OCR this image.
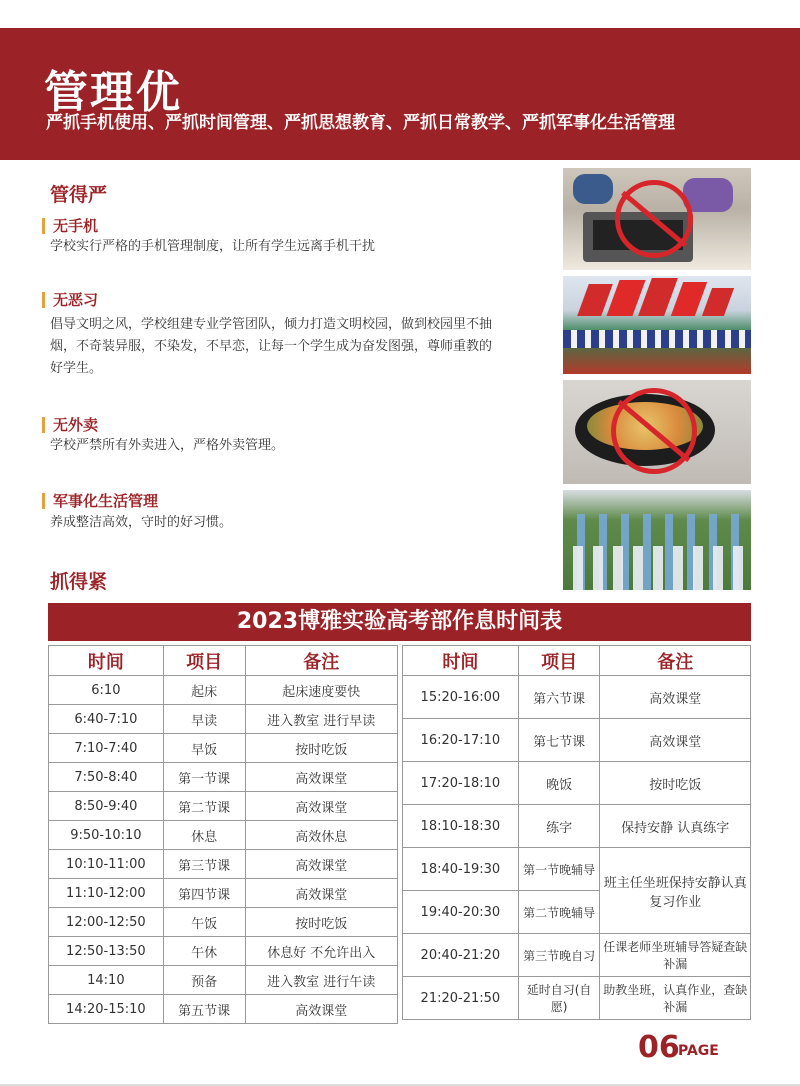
管理优
严抓手机使用、严抓时间管理、严抓思想教育、严抓日常教学、严抓军事化生活管理
管得严
无手机
学校实行严格的手机管理制度，让所有学生远离手机干扰
无恶习
倡导文明之风，学校组建专业学管团队，倾力打造文明校园，做到校园里不抽烟，不奇装异服，不染发，不早恋，让每一个学生成为奋发图强，尊师重教的好学生。
无外卖
学校严禁所有外卖进入，严格外卖管理。
军事化生活管理
养成整洁高效，守时的好习惯。
抓得紧
2023博雅实验高考部作息时间表
时间	项目	备注
6:10	起床	起床速度要快
6:40-7:10	早读	进入教室 进行早读
7:10-7:40	早饭	按时吃饭
7:50-8:40	第一节课	高效课堂
8:50-9:40	第二节课	高效课堂
9:50-10:10	休息	高效休息
10:10-11:00	第三节课	高效课堂
11:10-12:00	第四节课	高效课堂
12:00-12:50	午饭	按时吃饭
12:50-13:50	午休	休息好 不允许出入
14:10	预备	进入教室 进行午读
14:20-15:10	第五节课	高效课堂
时间	项目	备注
15:20-16:00	第六节课	高效课堂
16:20-17:10	第七节课	高效课堂
17:20-18:10	晚饭	按时吃饭
18:10-18:30	练字	保持安静 认真练字
18:40-19:30	第一节晚辅导	班主任坐班保持安静认真复习作业
19:40-20:30	第二节晚辅导	
20:40-21:20	第三节晚自习	任课老师坐班辅导答疑查缺补漏
21:20-21:50	延时自习(自愿)	助教坐班，认真作业，查缺补漏
06
PAGE
